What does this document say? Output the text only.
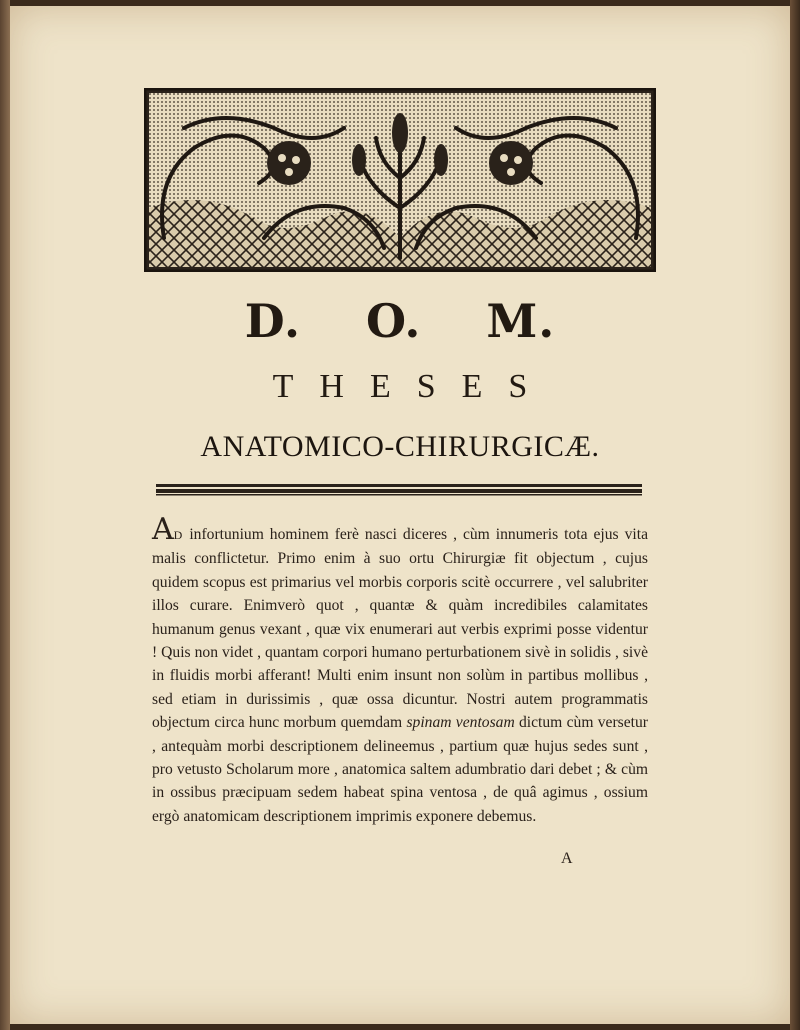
D. O. M.
THESES
ANATOMICO-CHIRURGICÆ.
AD infortunium hominem ferè nasci diceres , cùm innumeris tota ejus vita malis conflictetur. Primo enim à suo ortu Chirurgiæ fit objectum , cujus quidem scopus est primarius vel morbis corporis scitè occurrere , vel salubriter illos curare. Enimverò quot , quantæ & quàm incredibiles calamitates humanum genus vexant , quæ vix enumerari aut verbis exprimi posse videntur ! Quis non videt , quantam corpori humano perturbationem sivè in solidis , sivè in fluidis morbi afferant! Multi enim insunt non solùm in partibus mollibus , sed etiam in durissimis , quæ ossa dicuntur. Nostri autem programmatis objectum circa hunc morbum quemdam spinam ventosam dictum cùm versetur , antequàm morbi descriptionem delineemus , partium quæ hujus sedes sunt , pro vetusto Scholarum more , anatomica saltem adumbratio dari debet ; & cùm in ossibus præcipuam sedem habeat spina ventosa , de quâ agimus , ossium ergò anatomicam descriptionem imprimis exponere debemus.
A
